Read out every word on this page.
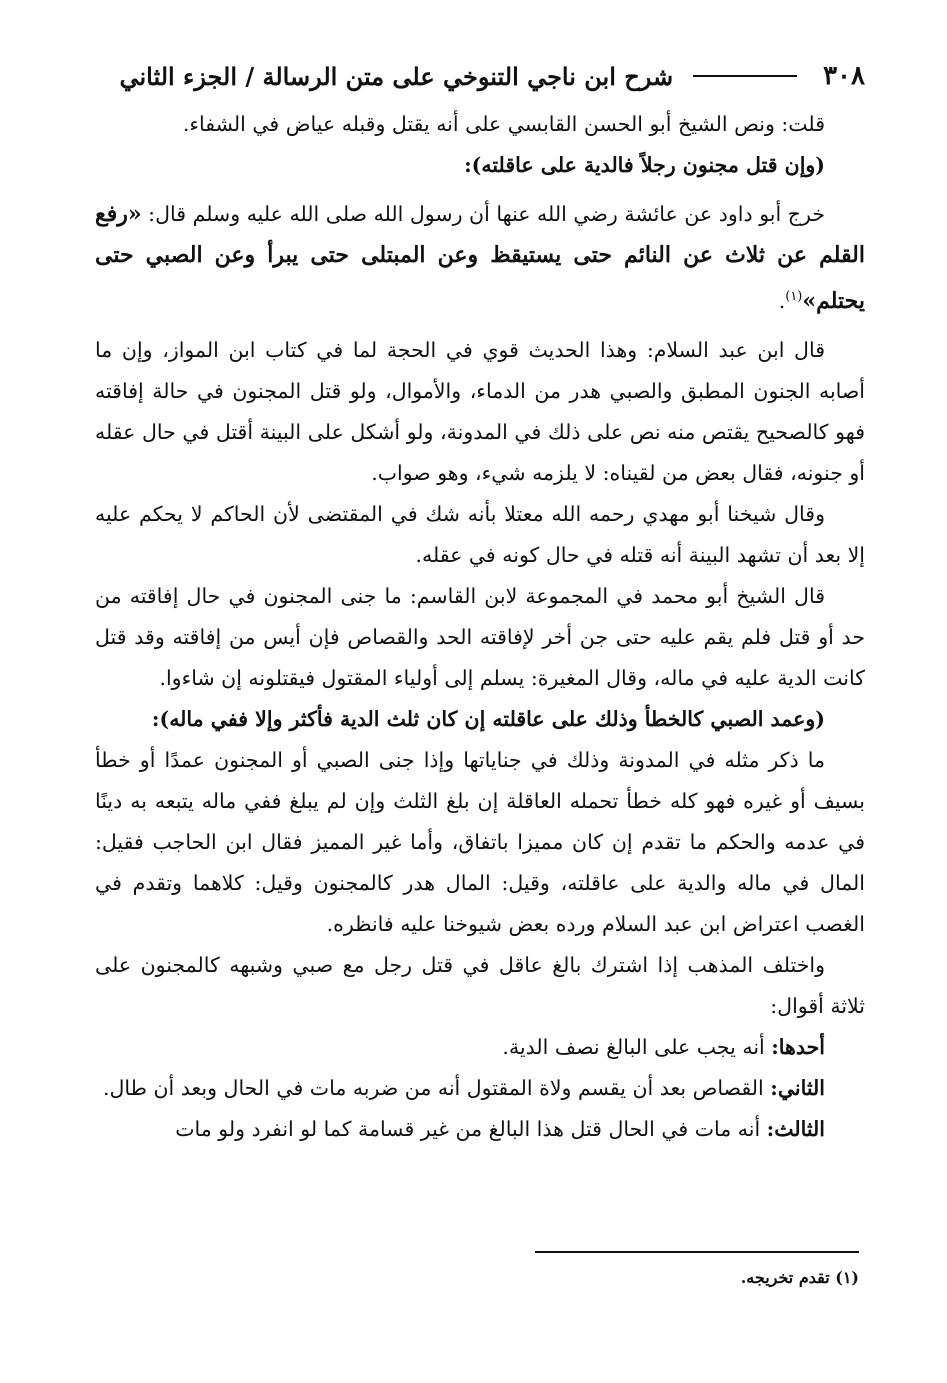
٣٠٨
شرح ابن ناجي التنوخي على متن الرسالة / الجزء الثاني

قلت: ونص الشيخ أبو الحسن القابسي على أنه يقتل وقبله عياض في الشفاء.

(وإن قتل مجنون رجلاً فالدية على عاقلته):

خرج أبو داود عن عائشة رضي الله عنها أن رسول الله صلى الله عليه وسلم قال: «رفع القلم عن ثلاث عن النائم حتى يستيقظ وعن المبتلى حتى يبرأ وعن الصبي حتى يحتلم»$^{(١)}$.

قال ابن عبد السلام: وهذا الحديث قوي في الحجة لما في كتاب ابن المواز، وإن ما أصابه الجنون المطبق والصبي هدر من الدماء، والأموال، ولو قتل المجنون في حالة إفاقته فهو كالصحيح يقتص منه نص على ذلك في المدونة، ولو أشكل على البينة أقتل في حال عقله أو جنونه، فقال بعض من لقيناه: لا يلزمه شيء، وهو صواب.

وقال شيخنا أبو مهدي رحمه الله معتلا بأنه شك في المقتضى لأن الحاكم لا يحكم عليه إلا بعد أن تشهد البينة أنه قتله في حال كونه في عقله.

قال الشيخ أبو محمد في المجموعة لابن القاسم: ما جنى المجنون في حال إفاقته من حد أو قتل فلم يقم عليه حتى جن أخر لإفاقته الحد والقصاص فإن أيس من إفاقته وقد قتل كانت الدية عليه في ماله، وقال المغيرة: يسلم إلى أولياء المقتول فيقتلونه إن شاءوا.

(وعمد الصبي كالخطأ وذلك على عاقلته إن كان ثلث الدية فأكثر وإلا ففي ماله):

ما ذكر مثله في المدونة وذلك في جناياتها وإذا جنى الصبي أو المجنون عمدًا أو خطأ بسيف أو غيره فهو كله خطأ تحمله العاقلة إن بلغ الثلث وإن لم يبلغ ففي ماله يتبعه به دينًا في عدمه والحكم ما تقدم إن كان مميزا باتفاق، وأما غير المميز فقال ابن الحاجب فقيل: المال في ماله والدية على عاقلته، وقيل: المال هدر كالمجنون وقيل: كلاهما وتقدم في الغصب اعتراض ابن عبد السلام ورده بعض شيوخنا عليه فانظره.

واختلف المذهب إذا اشترك بالغ عاقل في قتل رجل مع صبي وشبهه كالمجنون على ثلاثة أقوال:

أحدها: أنه يجب على البالغ نصف الدية.

الثاني: القصاص بعد أن يقسم ولاة المقتول أنه من ضربه مات في الحال وبعد أن طال.

الثالث: أنه مات في الحال قتل هذا البالغ من غير قسامة كما لو انفرد ولو مات

(١) تقدم تخريجه.
